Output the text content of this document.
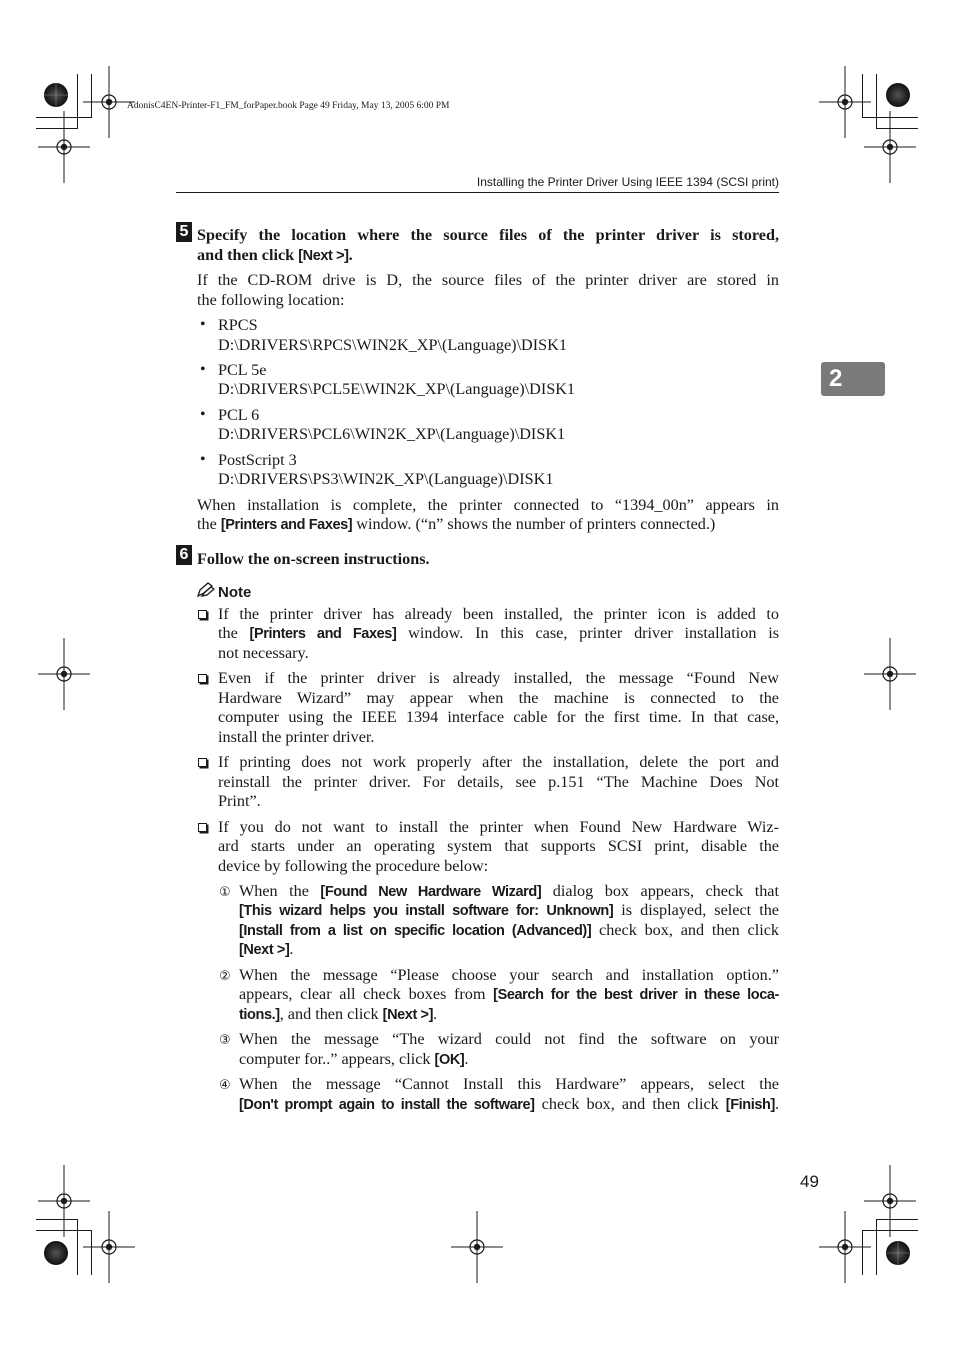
AdonisC4EN-Printer-F1_FM_forPaper.book Page 49 Friday, May 13, 2005 6:00 PM
Installing the Printer Driver Using IEEE 1394 (SCSI print)
2
5 Specify the location where the source files of the printer driver is stored,
and then click [Next >].
If the CD-ROM drive is D, the source files of the printer driver are stored in
the following location:
• RPCS
D:\DRIVERS\RPCS\WIN2K_XP\(Language)\DISK1
• PCL 5e
D:\DRIVERS\PCL5E\WIN2K_XP\(Language)\DISK1
• PCL 6
D:\DRIVERS\PCL6\WIN2K_XP\(Language)\DISK1
• PostScript 3
D:\DRIVERS\PS3\WIN2K_XP\(Language)\DISK1
When installation is complete, the printer connected to “1394_00n” appears in
the [Printers and Faxes] window. (“n” shows the number of printers connected.)
6 Follow the on-screen instructions.
Note
If the printer driver has already been installed, the printer icon is added to
the [Printers and Faxes] window. In this case, printer driver installation is
not necessary.
Even if the printer driver is already installed, the message “Found New
Hardware Wizard” may appear when the machine is connected to the
computer using the IEEE 1394 interface cable for the first time. In that case,
install the printer driver.
If printing does not work properly after the installation, delete the port and
reinstall the printer driver. For details, see p.151 “The Machine Does Not
Print”.
If you do not want to install the printer when Found New Hardware Wiz-
ard starts under an operating system that supports SCSI print, disable the
device by following the procedure below:
① When the [Found New Hardware Wizard] dialog box appears, check that
[This wizard helps you install software for: Unknown] is displayed, select the
[Install from a list on specific location (Advanced)] check box, and then click
[Next >].
② When the message “Please choose your search and installation option.”
appears, clear all check boxes from [Search for the best driver in these loca-
tions.], and then click [Next >].
③ When the message “The wizard could not find the software on your
computer for..” appears, click [OK].
④ When the message “Cannot Install this Hardware” appears, select the
[Don't prompt again to install the software] check box, and then click [Finish].
49
